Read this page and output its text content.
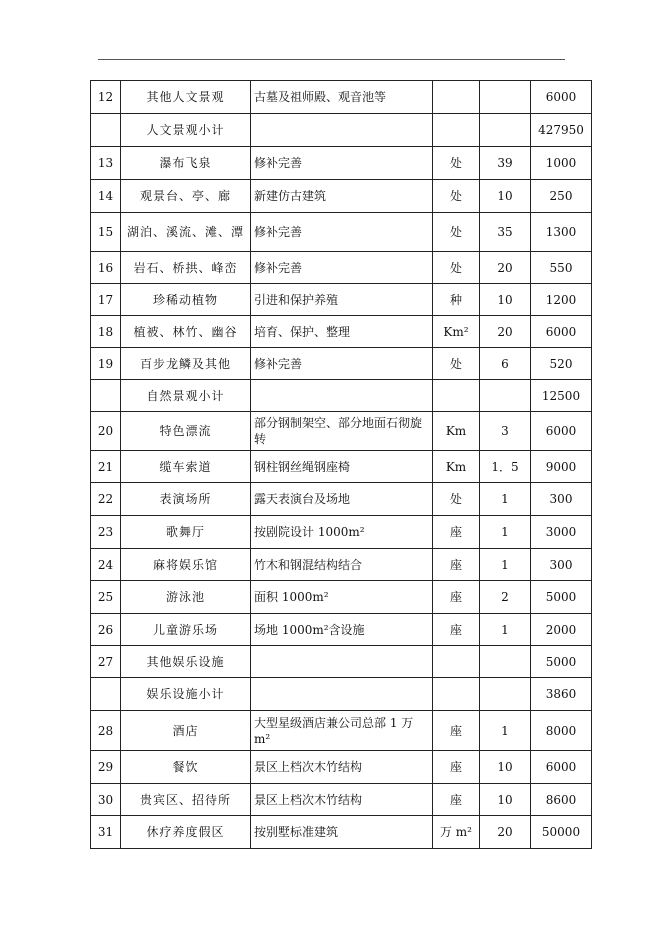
12	其他人文景观	古墓及祖师殿、观音池等			6000
	人文景观小计				427950
13	瀑布飞泉	修补完善	处	39	1000
14	观景台、亭、廊	新建仿古建筑	处	10	250
15	湖泊、溪流、滩、潭	修补完善	处	35	1300
16	岩石、桥拱、峰峦	修补完善	处	20	550
17	珍稀动植物	引进和保护养殖	种	10	1200
18	植被、林竹、幽谷	培育、保护、整理	Km²	20	6000
19	百步龙鳞及其他	修补完善	处	6	520
	自然景观小计				12500
20	特色漂流	部分钢制架空、部分地面石彻旋转	Km	3	6000
21	缆车索道	钢柱钢丝绳钢座椅	Km	1．5	9000
22	表演场所	露天表演台及场地	处	1	300
23	歌舞厅	按剧院设计 1000m²	座	1	3000
24	麻将娱乐馆	竹木和钢混结构结合	座	1	300
25	游泳池	面积 1000m²	座	2	5000
26	儿童游乐场	场地 1000m²含设施	座	1	2000
27	其他娱乐设施				5000
	娱乐设施小计				3860
28	酒店	大型星级酒店兼公司总部 1 万 m²	座	1	8000
29	餐饮	景区上档次木竹结构	座	10	6000
30	贵宾区、招待所	景区上档次木竹结构	座	10	8600
31	休疗养度假区	按别墅标准建筑	万 m²	20	50000
